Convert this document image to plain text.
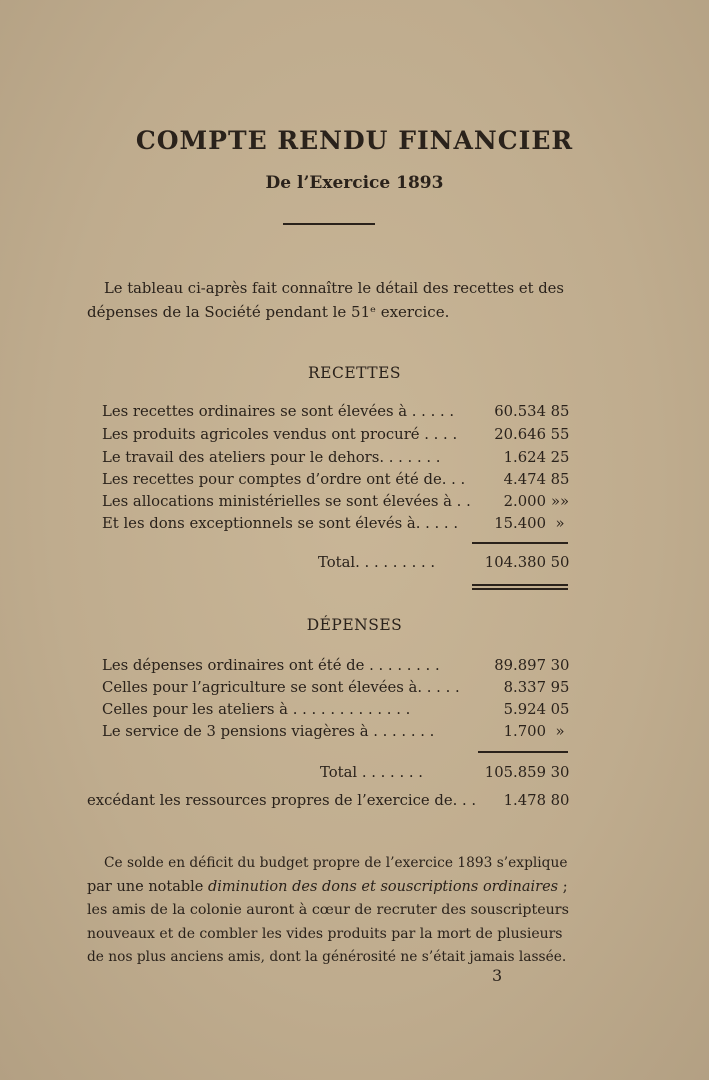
COMPTE RENDU FINANCIER
De l’Exercice 1893
Le tableau ci-après fait connaître le détail des recettes et des
dépenses de la Société pendant le 51ᵉ exercice.
RECETTES
Les recettes ordinaires se sont élevées à . . . . .	60.534 85
Les produits agricoles vendus ont procuré . . . .	20.646 55
Le travail des ateliers pour le dehors. . . . . . .	1.624 25
Les recettes pour comptes d’ordre ont été de. . .	4.474 85
Les allocations ministérielles se sont élevées à . .	2.000 »»
Et les dons exceptionnels se sont élevés à. . . . .	15.400 »
Total. . . . . . . . .	104.380 50
DÉPENSES
Les dépenses ordinaires ont été de . . . . . . . .	89.897 30
Celles pour l’agriculture se sont élevées à. . . . .	8.337 95
Celles pour les ateliers à . . . . . . . . . . . . .	5.924 05
Le service de 3 pensions viagères à . . . . . . .	1.700 »
Total . . . . . . .	105.859 30
excédant les ressources propres de l’exercice de. . .	1.478 80
Ce solde en déficit du budget propre de l’exercice 1893 s’explique
par une notable diminution des dons et souscriptions ordinaires ;
les amis de la colonie auront à cœur de recruter des souscripteurs
nouveaux et de combler les vides produits par la mort de plusieurs
de nos plus anciens amis, dont la générosité ne s’était jamais lassée.
3
